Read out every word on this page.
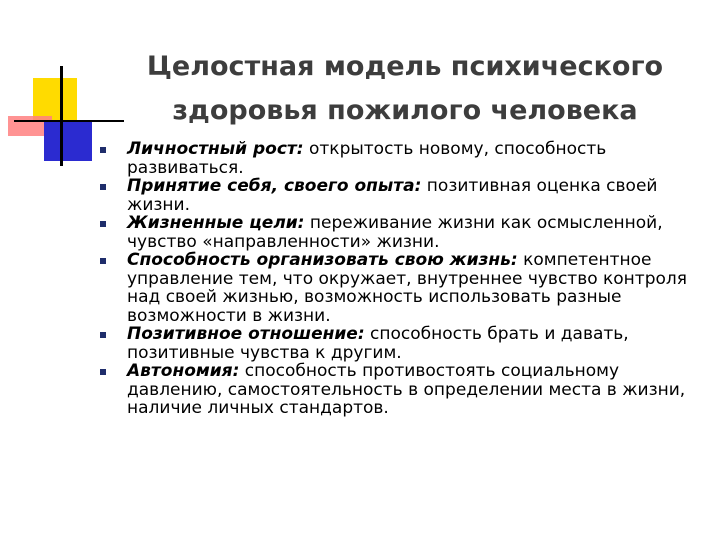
Целостная модель психического здоровья пожилого человека
Личностный рост: открытость новому, способность развиваться.
Принятие себя, своего опыта: позитивная оценка своей жизни.
Жизненные цели: переживание жизни как осмысленной, чувство «направленности» жизни.
Способность организовать свою жизнь: компетентное управление тем, что окружает, внутреннее чувство контроля над своей жизнью, возможность использовать разные возможности в жизни.
Позитивное отношение: способность брать и давать, позитивные чувства к другим.
Автономия: способность противостоять социальному давлению, самостоятельность в определении места в жизни, наличие личных стандартов.
